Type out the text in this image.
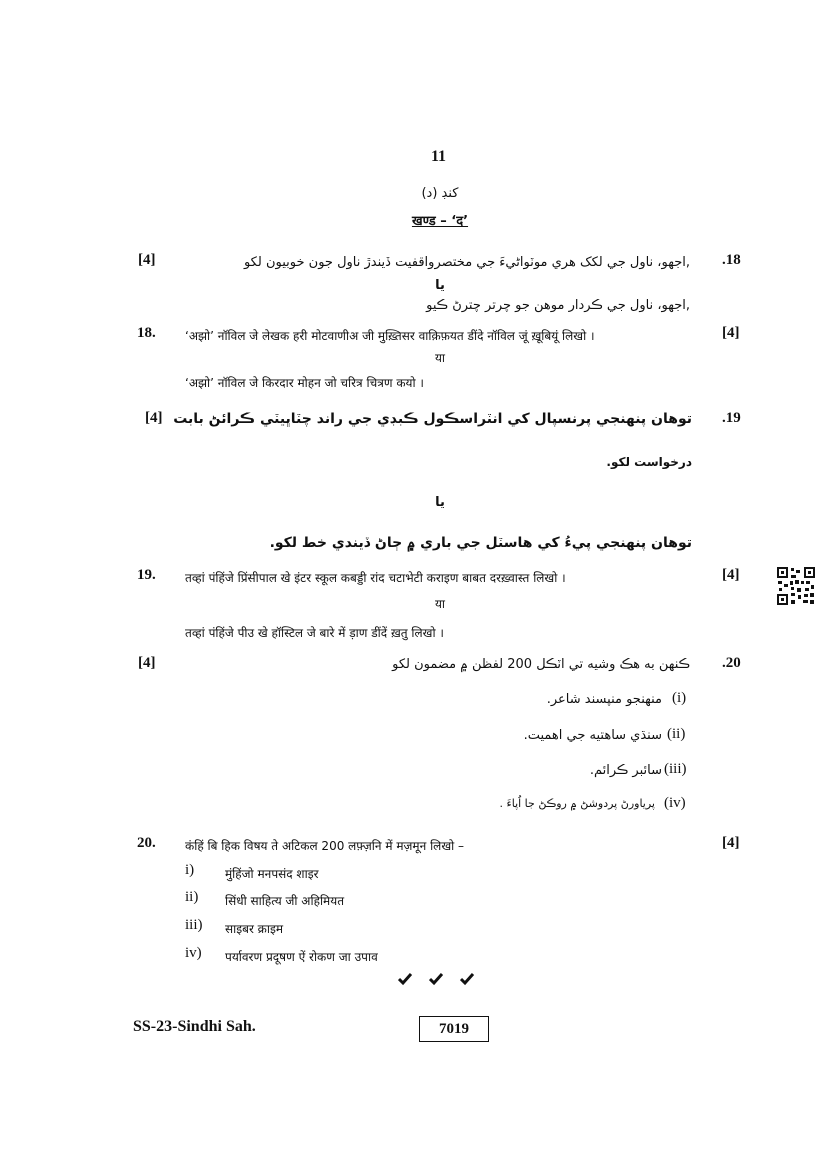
11
کنڊ (د)
खण्ड – ‘द’
[4]	,اجهو، ناول جي لکک هري موٽواڻيءَ جي مختصرواقفيت ڏيندڙ ناول جون خوبيون لکو .18
يا
,اجهو، ناول جي ڪردار موهن جو چرتر چترڻ ڪيو
18. ‘अझो’ नॉविल जे लेखक हरी मोटवाणीअ जी मुख़्तिसर वाक़िफ़यत डींदे नॉविल जूं ख़ूबियूं लिखो ।	[4]
या
‘अझो’ नॉविल जे किरदार मोहन जो चरित्र चित्रण कयो ।
[4] توهان پنهنجي پرنسپال کي انٽراسڪول ڪبڊي جي راند چٽاڀيٽي ڪرائڻ بابت .19
درخواست لکو.
يا
توهان پنهنجي پيءُ کي هاسٽل جي باري ۾ ڄاڻ ڏيندي خط لکو.
19. तव्हां पंहिंजे प्रिंसीपाल खे इंटर स्कूल कबड्डी रांद चटाभेटी कराइण बाबत दरख़्वास्त लिखो ।	[4]
या
तव्हां पंहिंजे पीउ खे हॉस्टिल जे बारे में ड़ाण डींदें ख़तु लिखो ।
[4]	ڪنهن به هڪ وشيه تي اٽڪل 200 لفظن ۾ مضمون لکو .20
(i)
منهنجو منپسند شاعر.
(ii)
سنڌي ساهتيه جي اهميت.
(iii)
سائبر ڪرائم.
(iv)
پرياورڻ پردوشڻ ۾ روڪڻ جا اُپاءَ .
20. कंहिं बि हिक विषय ते अटिकल 200 लफ़्ज़नि में मज़मून लिखो –	[4]
i)	मुंहिंजो मनपसंद शाइर
ii) सिंधी साहित्य जी अहिमियत
iii) साइबर क्राइम
iv) पर्यावरण प्रदूषण ऐं रोकण जा उपाव
SS-23-Sindhi Sah.	7019
